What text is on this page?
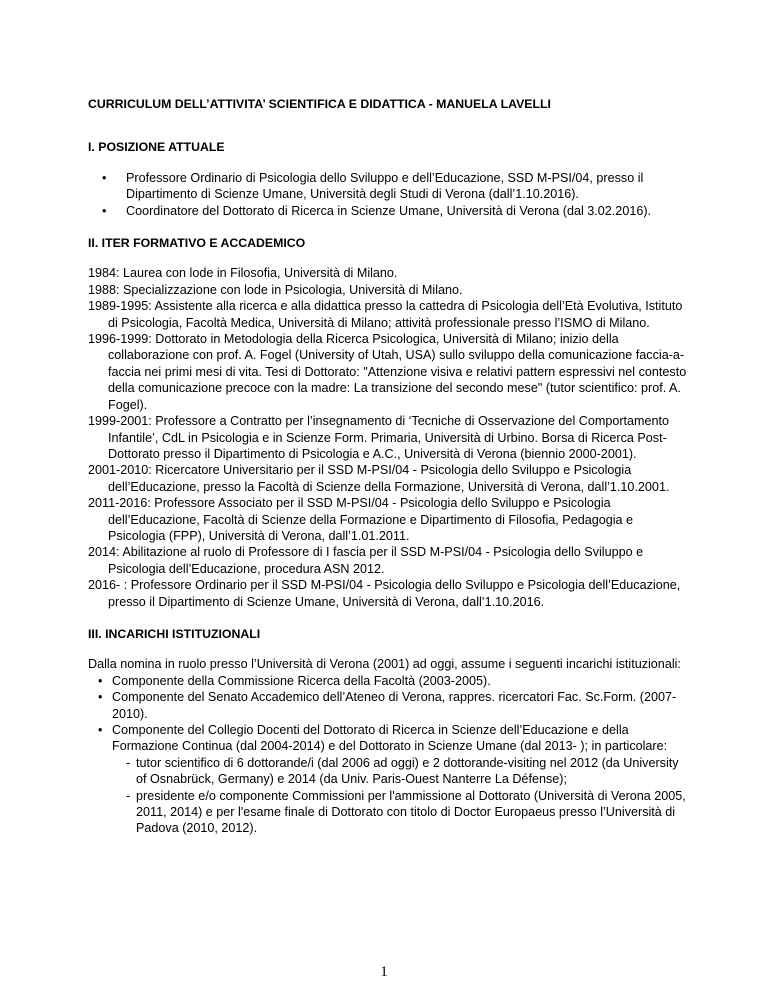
CURRICULUM DELL’ATTIVITA’ SCIENTIFICA E DIDATTICA - MANUELA LAVELLI

I. POSIZIONE ATTUALE

• Professore Ordinario di Psicologia dello Sviluppo e dell’Educazione, SSD M-PSI/04, presso il Dipartimento di Scienze Umane, Università degli Studi di Verona (dall’1.10.2016).
• Coordinatore del Dottorato di Ricerca in Scienze Umane, Università di Verona (dal 3.02.2016).

II. ITER FORMATIVO E ACCADEMICO

1984: Laurea con lode in Filosofia, Università di Milano.
1988: Specializzazione con lode in Psicologia, Università di Milano.
1989-1995: Assistente alla ricerca e alla didattica presso la cattedra di Psicologia dell’Età Evolutiva, Istituto di Psicologia, Facoltà Medica, Università di Milano; attività professionale presso l’ISMO di Milano.
1996-1999: Dottorato in Metodologia della Ricerca Psicologica, Università di Milano; inizio della collaborazione con prof. A. Fogel (University of Utah, USA) sullo sviluppo della comunicazione faccia-a-faccia nei primi mesi di vita. Tesi di Dottorato: "Attenzione visiva e relativi pattern espressivi nel contesto della comunicazione precoce con la madre: La transizione del secondo mese" (tutor scientifico: prof. A. Fogel).
1999-2001: Professore a Contratto per l’insegnamento di ‘Tecniche di Osservazione del Comportamento Infantile’, CdL in Psicologia e in Scienze Form. Primaria, Università di Urbino. Borsa di Ricerca Post-Dottorato presso il Dipartimento di Psicologia e A.C., Università di Verona (biennio 2000-2001).
2001-2010: Ricercatore Universitario per il SSD M-PSI/04 - Psicologia dello Sviluppo e Psicologia dell’Educazione, presso la Facoltà di Scienze della Formazione, Università di Verona, dall’1.10.2001.
2011-2016: Professore Associato per il SSD M-PSI/04 - Psicologia dello Sviluppo e Psicologia dell’Educazione, Facoltà di Scienze della Formazione e Dipartimento di Filosofia, Pedagogia e Psicologia (FPP), Università di Verona, dall’1.01.2011.
2014: Abilitazione al ruolo di Professore di I fascia per il SSD M-PSI/04 - Psicologia dello Sviluppo e Psicologia dell’Educazione, procedura ASN 2012.
2016- : Professore Ordinario per il SSD M-PSI/04 - Psicologia dello Sviluppo e Psicologia dell’Educazione, presso il Dipartimento di Scienze Umane, Università di Verona, dall’1.10.2016.

III. INCARICHI ISTITUZIONALI

Dalla nomina in ruolo presso l’Università di Verona (2001) ad oggi, assume i seguenti incarichi istituzionali:

• Componente della Commissione Ricerca della Facoltà (2003-2005).
• Componente del Senato Accademico dell’Ateneo di Verona, rappres. ricercatori Fac. Sc.Form. (2007-2010).
• Componente del Collegio Docenti del Dottorato di Ricerca in Scienze dell’Educazione e della Formazione Continua (dal 2004-2014) e del Dottorato in Scienze Umane (dal 2013- ); in particolare:
- tutor scientifico di 6 dottorande/i (dal 2006 ad oggi) e 2 dottorande-visiting nel 2012 (da University of Osnabrück, Germany) e 2014 (da Univ. Paris-Ouest Nanterre La Défense);
- presidente e/o componente Commissioni per l'ammissione al Dottorato (Università di Verona 2005, 2011, 2014) e per l'esame finale di Dottorato con titolo di Doctor Europaeus presso l’Università di Padova (2010, 2012).
1
